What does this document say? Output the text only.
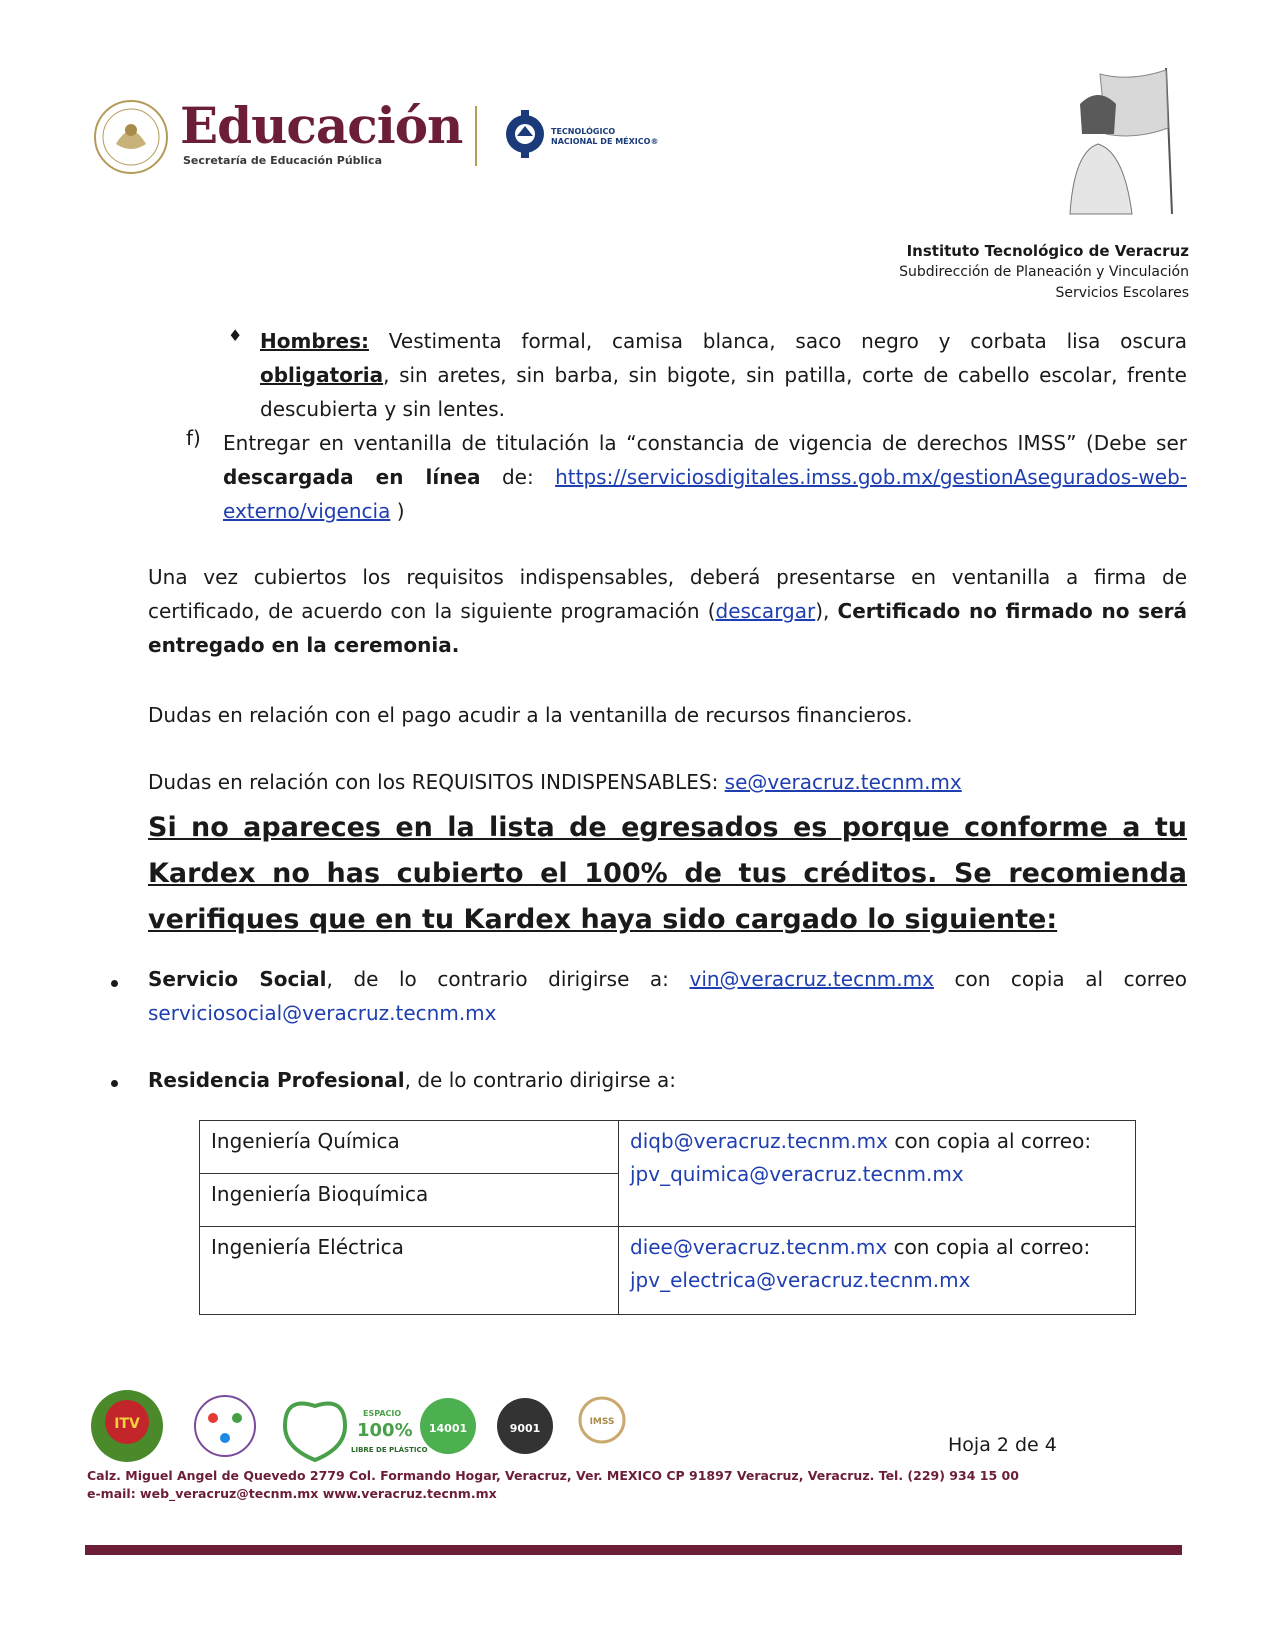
Educación
Secretaría de Educación Pública
TECNOLÓGICO
NACIONAL DE MÉXICO®
Instituto Tecnológico de Veracruz
Subdirección de Planeación y Vinculación
Servicios Escolares
♦ Hombres: Vestimenta formal, camisa blanca, saco negro y corbata lisa oscura obligatoria, sin aretes, sin barba, sin bigote, sin patilla, corte de cabello escolar, frente descubierta y sin lentes.
f) Entregar en ventanilla de titulación la “constancia de vigencia de derechos IMSS” (Debe ser descargada en línea de: https://serviciosdigitales.imss.gob.mx/gestionAsegurados-web-externo/vigencia )
Una vez cubiertos los requisitos indispensables, deberá presentarse en ventanilla a firma de certificado, de acuerdo con la siguiente programación (descargar), Certificado no firmado no será entregado en la ceremonia.
Dudas en relación con el pago acudir a la ventanilla de recursos financieros.
Dudas en relación con los REQUISITOS INDISPENSABLES: se@veracruz.tecnm.mx
Si no apareces en la lista de egresados es porque conforme a tu Kardex no has cubierto el 100% de tus créditos. Se recomienda verifiques que en tu Kardex haya sido cargado lo siguiente:
Servicio Social, de lo contrario dirigirse a: vin@veracruz.tecnm.mx con copia al correo serviciosocial@veracruz.tecnm.mx
Residencia Profesional, de lo contrario dirigirse a:
Ingeniería Química	diqb@veracruz.tecnm.mx con copia al correo:
jpv_quimica@veracruz.tecnm.mx
Ingeniería Bioquímica	
Ingeniería Eléctrica	diee@veracruz.tecnm.mx con copia al correo:
jpv_electrica@veracruz.tecnm.mx
ITV
ESPACIO
100%
LIBRE DE PLÁSTICO
14001	9001	IMSS
Hoja 2 de 4
Calz. Miguel Angel de Quevedo 2779 Col. Formando Hogar, Veracruz, Ver. MEXICO CP 91897 Veracruz, Veracruz. Tel. (229) 934 15 00
e-mail: web_veracruz@tecnm.mx www.veracruz.tecnm.mx
